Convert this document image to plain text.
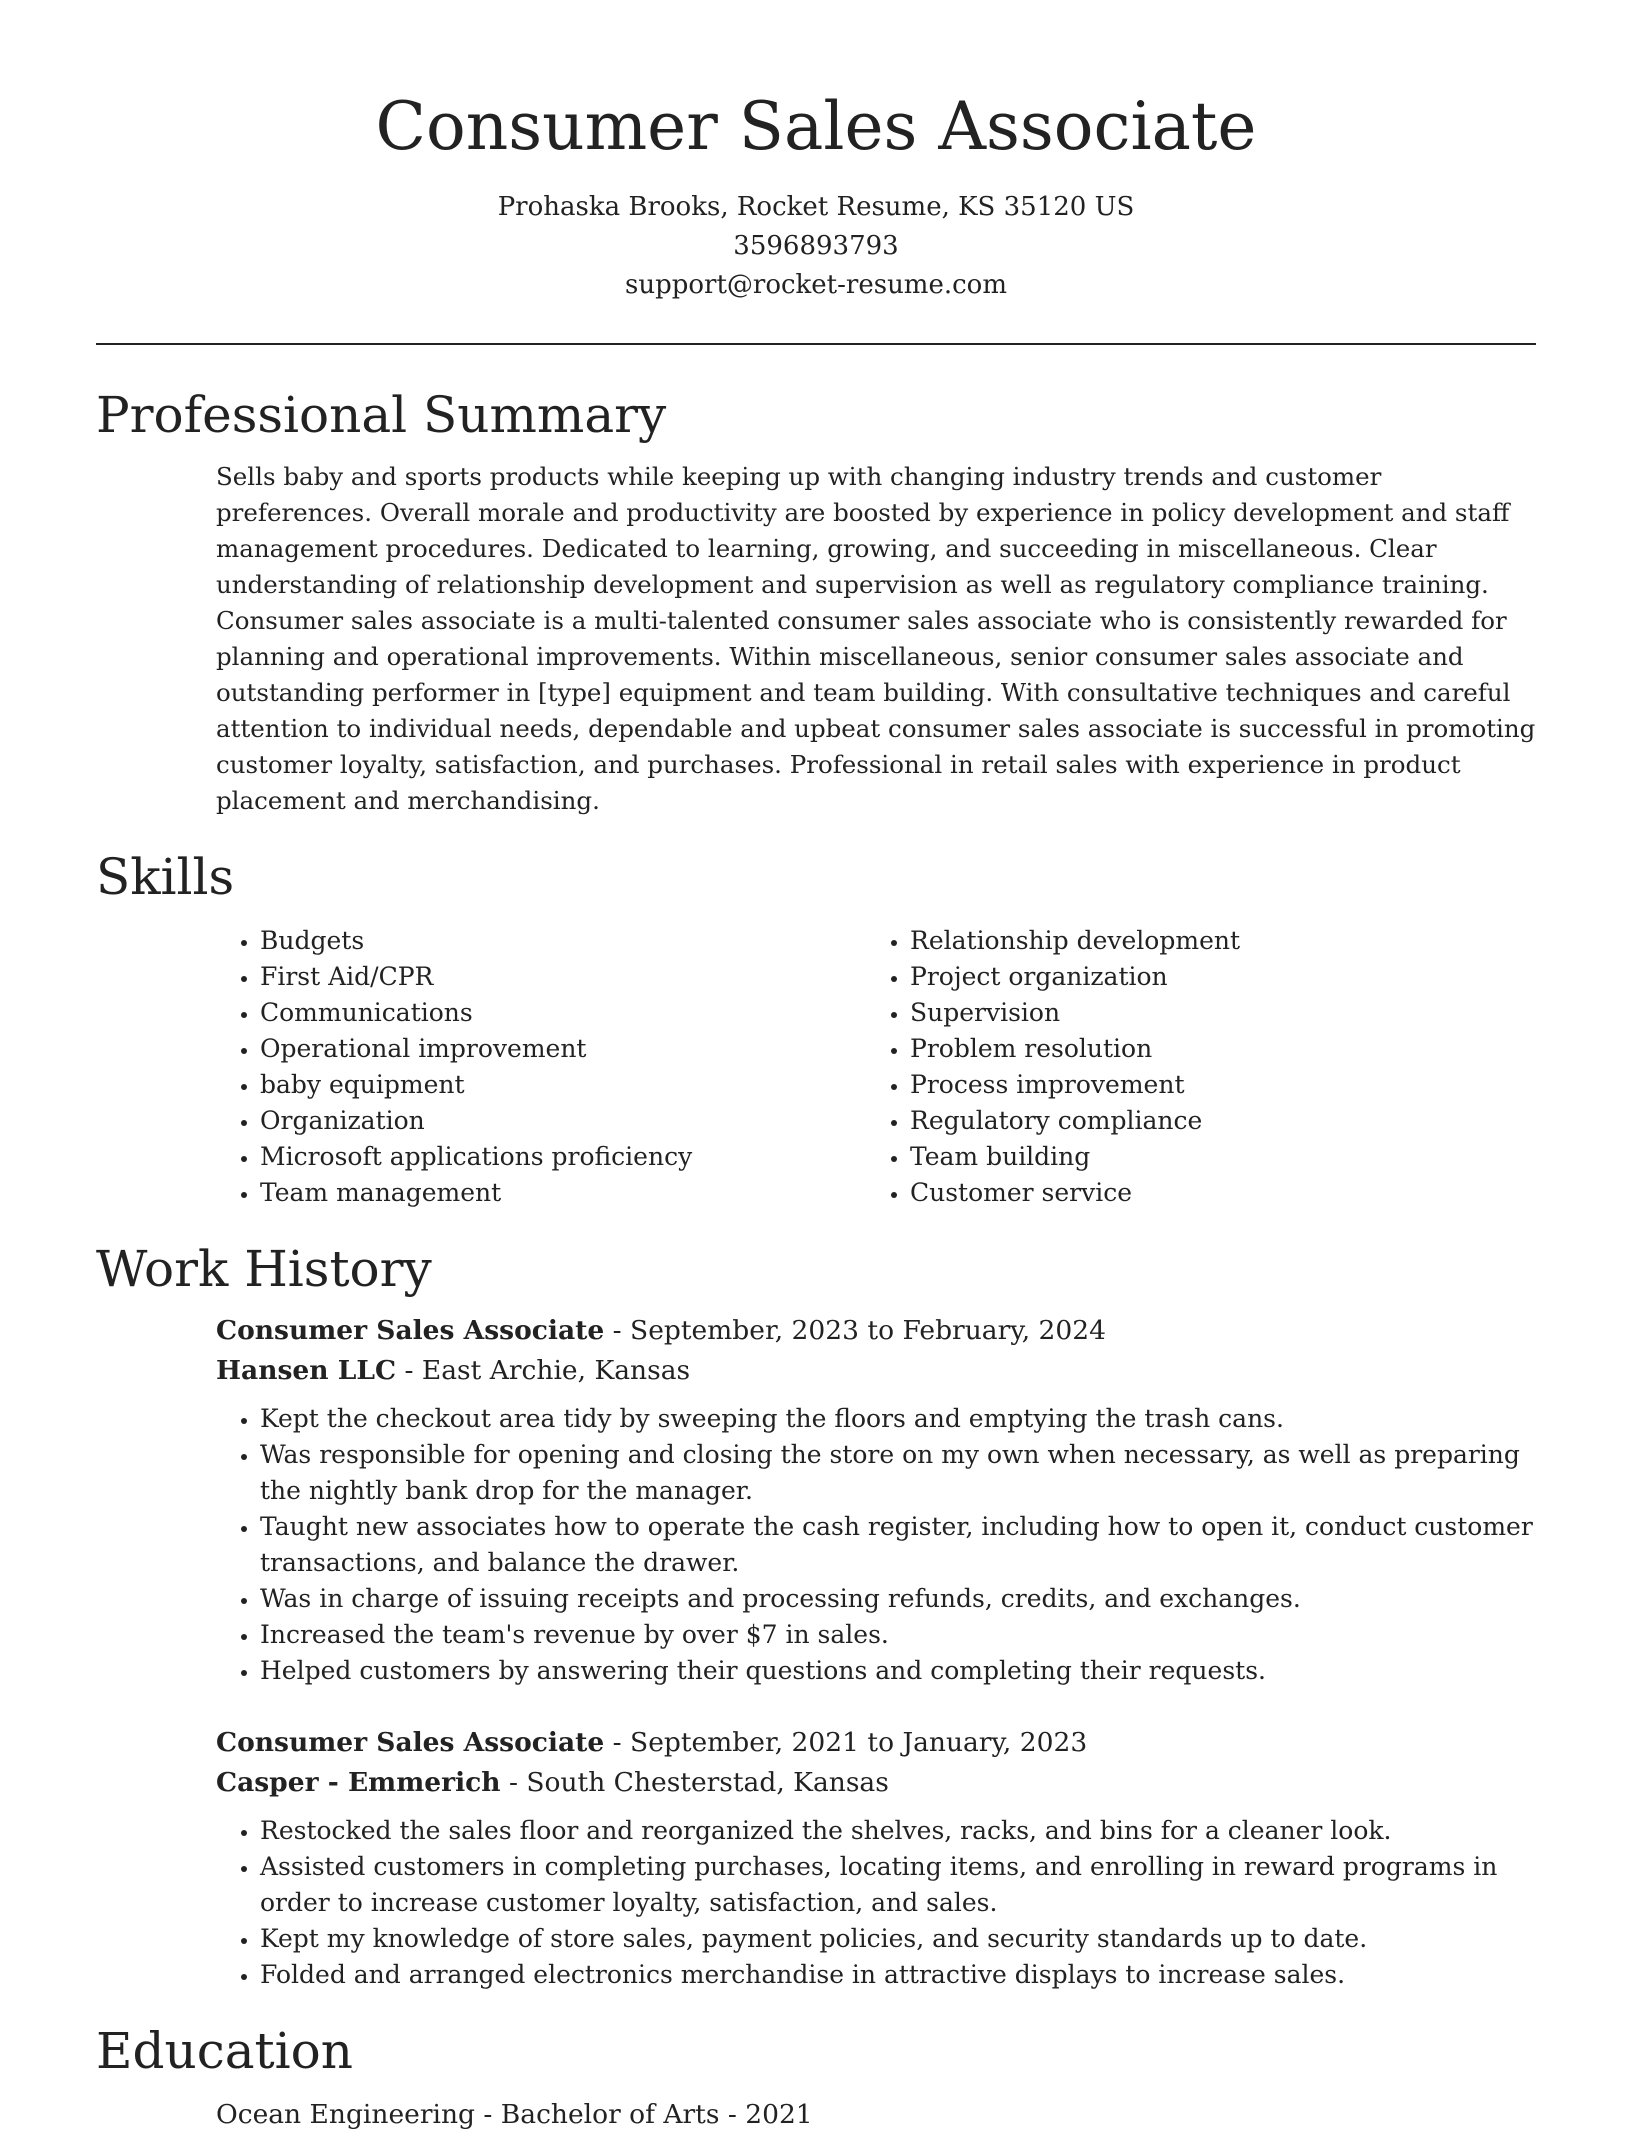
Consumer Sales Associate
Prohaska Brooks, Rocket Resume, KS 35120 US
3596893793
support@rocket-resume.com
Professional Summary

Sells baby and sports products while keeping up with changing industry trends and customer preferences. Overall morale and productivity are boosted by experience in policy development and staff management procedures. Dedicated to learning, growing, and succeeding in miscellaneous. Clear understanding of relationship development and supervision as well as regulatory compliance training. Consumer sales associate is a multi-talented consumer sales associate who is consistently rewarded for planning and operational improvements. Within miscellaneous, senior consumer sales associate and outstanding performer in [type] equipment and team building. With consultative techniques and careful attention to individual needs, dependable and upbeat consumer sales associate is successful in promoting customer loyalty, satisfaction, and purchases. Professional in retail sales with experience in product placement and merchandising.

Skills
• Budgets
• First Aid/CPR
• Communications
• Operational improvement
• baby equipment
• Organization
• Microsoft applications proficiency
• Team management
• Relationship development
• Project organization
• Supervision
• Problem resolution
• Process improvement
• Regulatory compliance
• Team building
• Customer service
Work History
Consumer Sales Associate - September, 2023 to February, 2024
Hansen LLC - East Archie, Kansas
• Kept the checkout area tidy by sweeping the floors and emptying the trash cans.
• Was responsible for opening and closing the store on my own when necessary, as well as preparing the nightly bank drop for the manager.
• Taught new associates how to operate the cash register, including how to open it, conduct customer transactions, and balance the drawer.
• Was in charge of issuing receipts and processing refunds, credits, and exchanges.
• Increased the team's revenue by over $7 in sales.
• Helped customers by answering their questions and completing their requests.
Consumer Sales Associate - September, 2021 to January, 2023
Casper - Emmerich - South Chesterstad, Kansas
• Restocked the sales floor and reorganized the shelves, racks, and bins for a cleaner look.
• Assisted customers in completing purchases, locating items, and enrolling in reward programs in order to increase customer loyalty, satisfaction, and sales.
• Kept my knowledge of store sales, payment policies, and security standards up to date.
• Folded and arranged electronics merchandise in attractive displays to increase sales.
Education
Ocean Engineering - Bachelor of Arts - 2021
